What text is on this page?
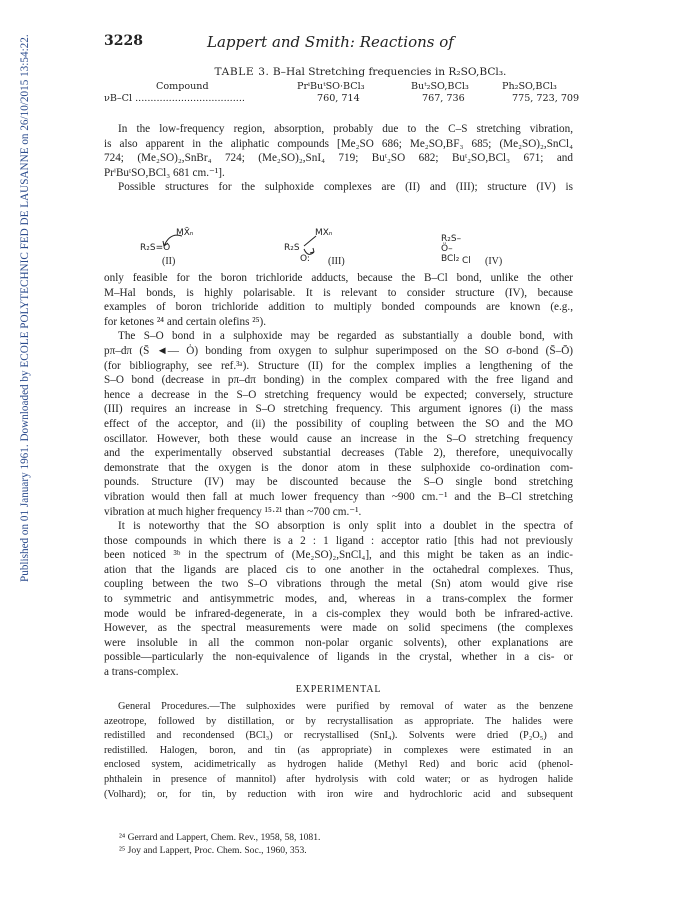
Published on 01 January 1961. Downloaded by ECOLE POLYTECHNIC FED DE LAUSANNE on 26/10/2015 13:54:22.	3228	Lappert and Smith: Reactions of
TABLE 3. B–Hal Stretching frequencies in R₂SO,BCl₃.
Compound	PrⁱBuᵗSO·BCl₃	Buᵗ₂SO,BCl₃	Ph₂SO,BCl₃
νB–Cl ....................................	760, 714	767, 736	775, 723, 709
In the low-frequency region, absorption, probably due to the C–S stretching vibration,
is also apparent in the aliphatic compounds [Me₂SO 686; Me₂SO,BF₃ 685; (Me₂SO)₂,SnCl₄
724; (Me₂SO)₂,SnBr₄ 724; (Me₂SO)₂,SnI₄ 719; Buᵗ₂SO 682; Buᵗ₂SO,BCl₃ 671; and
PrⁱBuᵗSO,BCl₃ 681 cm.⁻¹].
Possible structures for the sulphoxide complexes are (II) and (III); structure (IV) is
MX̄ₙ
R₂S=O
(II)
MXₙ
R₂S
O: (III)
R₂S–Ö–BCl₂ Cl (IV)
only feasible for the boron trichloride adducts, because the B–Cl bond, unlike the other
M–Hal bonds, is highly polarisable. It is relevant to consider structure (IV), because
examples of boron trichloride addition to multiply bonded compounds are known (e.g.,
for ketones ²⁴ and certain olefins ²⁵).
The S–O bond in a sulphoxide may be regarded as substantially a double bond, with
pπ–dπ (S̄ ◄— Ȯ) bonding from oxygen to sulphur superimposed on the SO σ-bond (S̄–Ō)
(for bibliography, see ref.³ᵃ). Structure (II) for the complex implies a lengthening of the
S–O bond (decrease in pπ–dπ bonding) in the complex compared with the free ligand and
hence a decrease in the S–O stretching frequency would be expected; conversely, structure
(III) requires an increase in S–O stretching frequency. This argument ignores (i) the mass
effect of the acceptor, and (ii) the possibility of coupling between the SO and the MO
oscillator. However, both these would cause an increase in the S–O stretching frequency
and the experimentally observed substantial decreases (Table 2), therefore, unequivocally
demonstrate that the oxygen is the donor atom in these sulphoxide co-ordination com-
pounds. Structure (IV) may be discounted because the S–O single bond stretching
vibration would then fall at much lower frequency than ~900 cm.⁻¹ and the B–Cl stretching
vibration at much higher frequency ¹⁵·²¹ than ~700 cm.⁻¹.
It is noteworthy that the SO absorption is only split into a doublet in the spectra of
those compounds in which there is a 2 : 1 ligand : acceptor ratio [this had not previously
been noticed ³ᵇ in the spectrum of (Me₂SO)₂,SnCl₄], and this might be taken as an indic-
ation that the ligands are placed cis to one another in the octahedral complexes. Thus,
coupling between the two S–O vibrations through the metal (Sn) atom would give rise
to symmetric and antisymmetric modes, and, whereas in a trans-complex the former
mode would be infrared-degenerate, in a cis-complex they would both be infrared-active.
However, as the spectral measurements were made on solid specimens (the complexes
were insoluble in all the common non-polar organic solvents), other explanations are
possible—particularly the non-equivalence of ligands in the crystal, whether in a cis- or
a trans-complex.
EXPERIMENTAL
General Procedures.—The sulphoxides were purified by removal of water as the benzene
azeotrope, followed by distillation, or by recrystallisation as appropriate. The halides were
redistilled and recondensed (BCl₃) or recrystallised (SnI₄). Solvents were dried (P₂O₅) and
redistilled. Halogen, boron, and tin (as appropriate) in complexes were estimated in an
enclosed system, acidimetrically as hydrogen halide (Methyl Red) and boric acid (phenol-
phthalein in presence of mannitol) after hydrolysis with cold water; or as hydrogen halide
(Volhard); or, for tin, by reduction with iron wire and hydrochloric acid and subsequent
²⁴ Gerrard and Lappert, Chem. Rev., 1958, 58, 1081.
²⁵ Joy and Lappert, Proc. Chem. Soc., 1960, 353.
